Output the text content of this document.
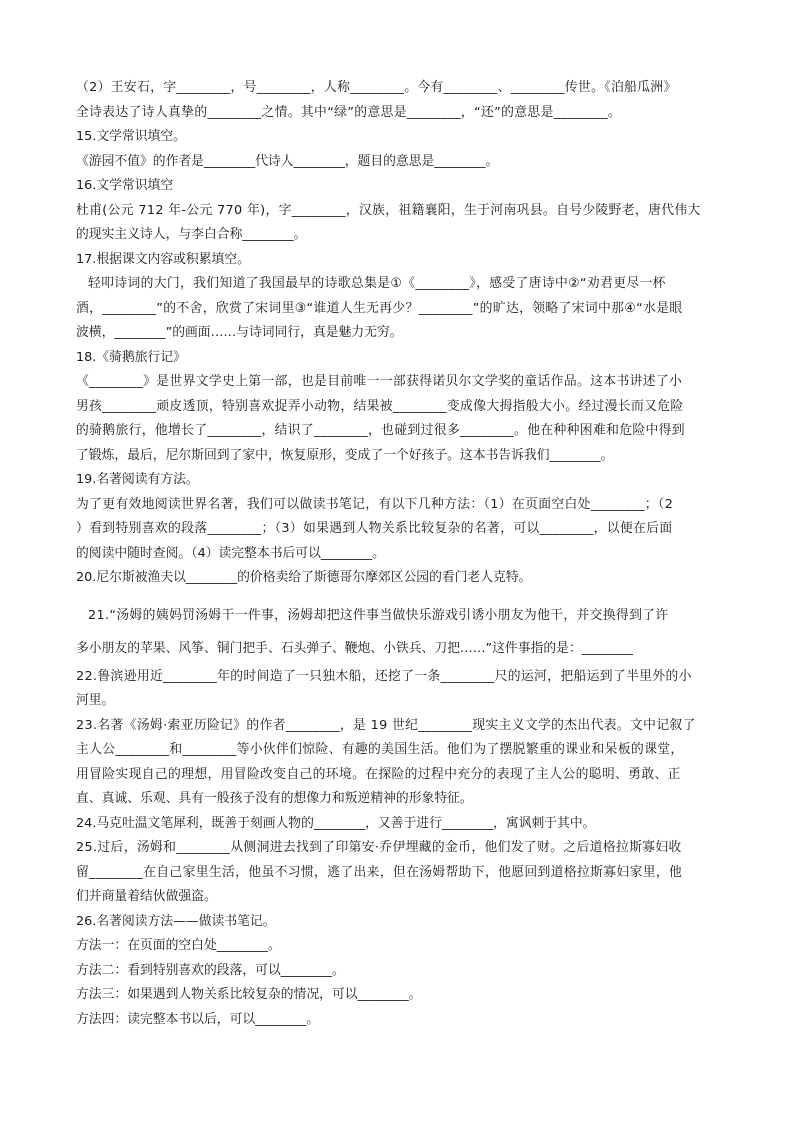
（2）王安石，字________，号________，人称________。今有________、________传世。《泊船瓜洲》
全诗表达了诗人真挚的________之情。其中“绿”的意思是________，“还”的意思是________。
15.文学常识填空。
《游园不值》的作者是________代诗人________，题目的意思是________。
16.文学常识填空
杜甫(公元 712 年-公元 770 年)，字________，汉族，祖籍襄阳，生于河南巩县。自号少陵野老，唐代伟大
的现实主义诗人，与李白合称________。
17.根据课文内容或积累填空。
轻叩诗词的大门，我们知道了我国最早的诗歌总集是①《________》，感受了唐诗中②“劝君更尽一杯
酒，________”的不舍，欣赏了宋词里③“谁道人生无再少？________”的旷达，领略了宋词中那④“水是眼
波横，________”的画面……与诗词同行，真是魅力无穷。
18.《骑鹅旅行记》
《________》是世界文学史上第一部，也是目前唯一一部获得诺贝尔文学奖的童话作品。这本书讲述了小
男孩________顽皮透顶，特别喜欢捉弄小动物，结果被________变成像大拇指般大小。经过漫长而又危险
的骑鹅旅行，他增长了________，结识了________，也碰到过很多________。他在种种困难和危险中得到
了锻炼，最后，尼尔斯回到了家中，恢复原形，变成了一个好孩子。这本书告诉我们________。
19.名著阅读有方法。
为了更有效地阅读世界名著，我们可以做读书笔记，有以下几种方法：（1）在页面空白处________；（2
）看到特别喜欢的段落________；（3）如果遇到人物关系比较复杂的名著，可以________，以便在后面
的阅读中随时查阅。（4）读完整本书后可以________。
20.尼尔斯被渔夫以________的价格卖给了斯德哥尔摩郊区公园的看门老人克特。
21.“汤姆的姨妈罚汤姆干一件事，汤姆却把这件事当做快乐游戏引诱小朋友为他干，并交换得到了许
多小朋友的苹果、风筝、铜门把手、石头弹子、鞭炮、小铁兵、刀把……”这件事指的是：________
22.鲁滨逊用近________年的时间造了一只独木船，还挖了一条________尺的运河，把船运到了半里外的小
河里。
23.名著《汤姆·索亚历险记》的作者________，是 19 世纪________现实主义文学的杰出代表。文中记叙了
主人公________和________等小伙伴们惊险、有趣的美国生活。他们为了摆脱繁重的课业和呆板的课堂，
用冒险实现自己的理想，用冒险改变自己的环境。在探险的过程中充分的表现了主人公的聪明、勇敢、正
直、真诚、乐观、具有一般孩子没有的想像力和叛逆精神的形象特征。
24.马克吐温文笔犀利，既善于刻画人物的________，又善于进行________，寓讽刺于其中。
25.过后，汤姆和________从侧洞进去找到了印第安·乔伊埋藏的金币，他们发了财。之后道格拉斯寡妇收
留________在自己家里生活，他虽不习惯，逃了出来，但在汤姆帮助下，他愿回到道格拉斯寡妇家里，他
们并商量着结伙做强盗。
26.名著阅读方法——做读书笔记。
方法一：在页面的空白处________。
方法二：看到特别喜欢的段落，可以________。
方法三：如果遇到人物关系比较复杂的情况，可以________。
方法四：读完整本书以后，可以________。
